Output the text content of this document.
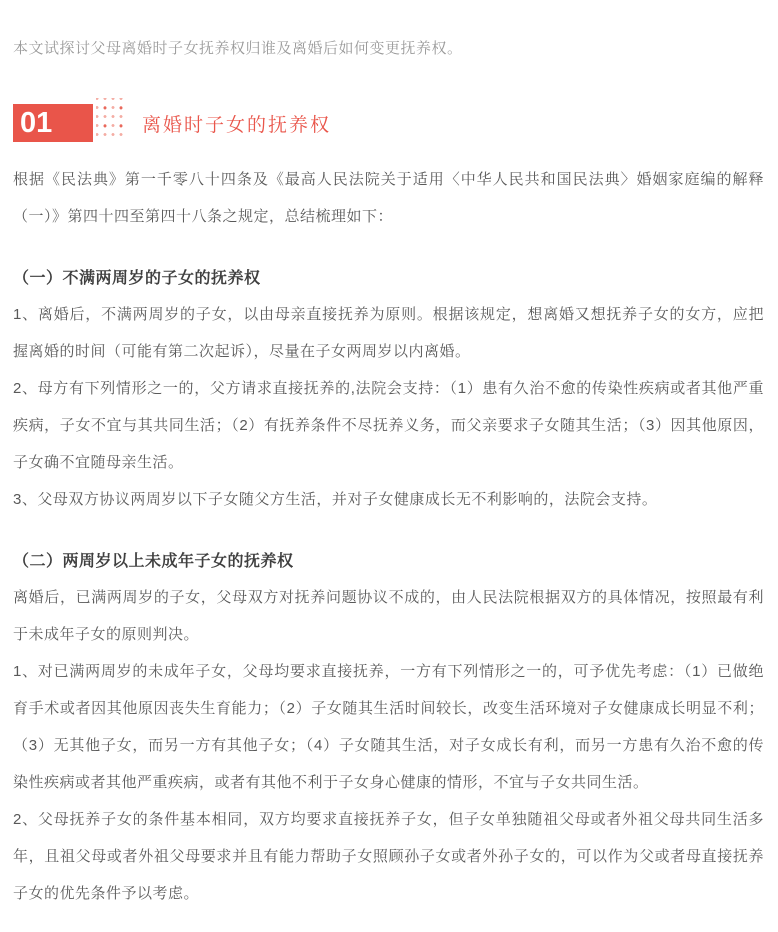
本文试探讨父母离婚时子女抚养权归谁及离婚后如何变更抚养权。

01	离婚时子女的抚养权

根据《民法典》第一千零八十四条及《最高人民法院关于适用〈中华人民共和国民法典〉婚姻家庭编的解释（一）》第四十四至第四十八条之规定，总结梳理如下：

（一）不满两周岁的子女的抚养权

1、离婚后，不满两周岁的子女，以由母亲直接抚养为原则。根据该规定，想离婚又想抚养子女的女方，应把握离婚的时间（可能有第二次起诉），尽量在子女两周岁以内离婚。

2、母方有下列情形之一的，父方请求直接抚养的,法院会支持：（1）患有久治不愈的传染性疾病或者其他严重疾病，子女不宜与其共同生活；（2）有抚养条件不尽抚养义务，而父亲要求子女随其生活；（3）因其他原因，子女确不宜随母亲生活。

3、父母双方协议两周岁以下子女随父方生活，并对子女健康成长无不利影响的，法院会支持。

（二）两周岁以上未成年子女的抚养权

离婚后，已满两周岁的子女，父母双方对抚养问题协议不成的，由人民法院根据双方的具体情况，按照最有利于未成年子女的原则判决。

1、对已满两周岁的未成年子女，父母均要求直接抚养，一方有下列情形之一的，可予优先考虑：（1）已做绝育手术或者因其他原因丧失生育能力；（2）子女随其生活时间较长，改变生活环境对子女健康成长明显不利；（3）无其他子女，而另一方有其他子女；（4）子女随其生活，对子女成长有利，而另一方患有久治不愈的传染性疾病或者其他严重疾病，或者有其他不利于子女身心健康的情形，不宜与子女共同生活。

2、父母抚养子女的条件基本相同，双方均要求直接抚养子女，但子女单独随祖父母或者外祖父母共同生活多年，且祖父母或者外祖父母要求并且有能力帮助子女照顾孙子女或者外孙子女的，可以作为父或者母直接抚养子女的优先条件予以考虑。
